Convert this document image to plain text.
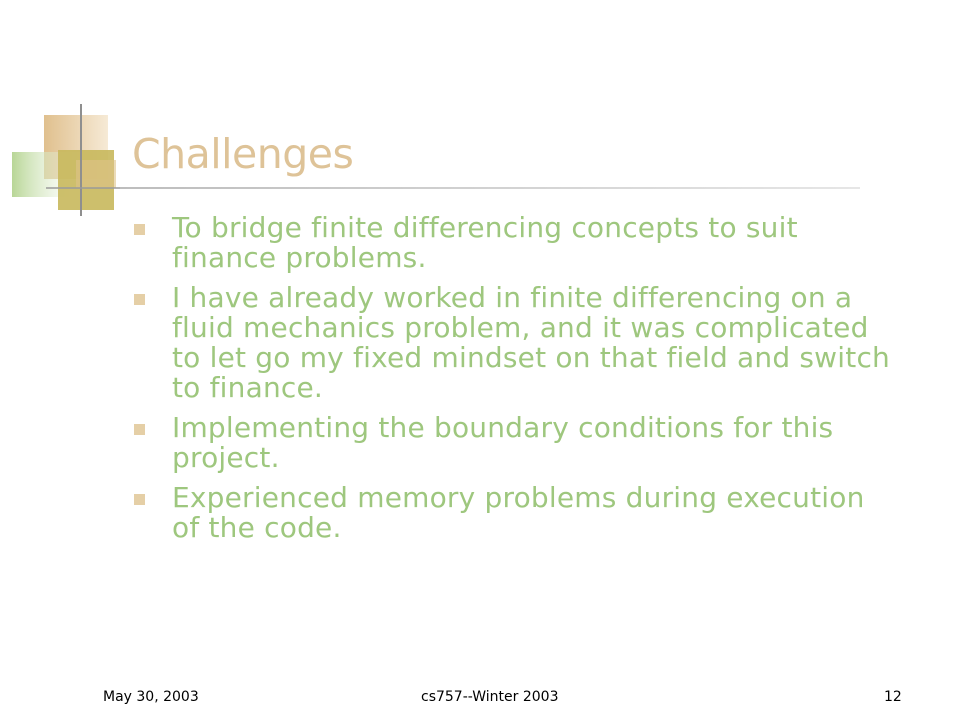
Challenges
To bridge finite differencing concepts to suit finance problems.
I have already worked in finite differencing on a fluid mechanics problem, and it was complicated to let go my fixed mindset on that field and switch to finance.
Implementing the boundary conditions for this project.
Experienced memory problems during execution of the code.
May 30, 2003	cs757--Winter 2003	12
